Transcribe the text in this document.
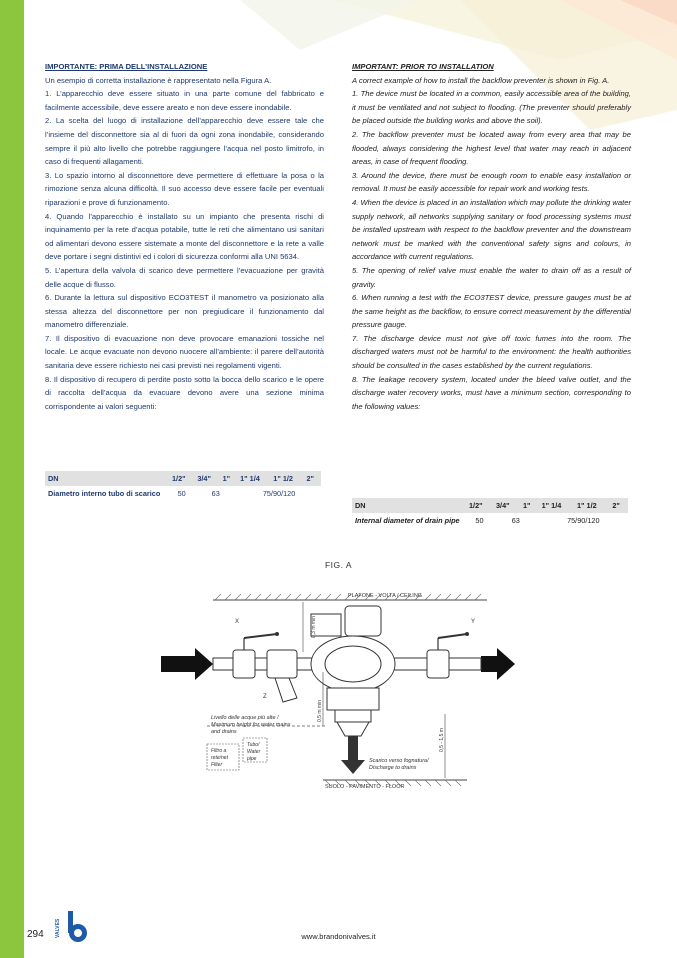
IMPORTANTE: PRIMA DELL’INSTALLAZIONE
Un esempio di corretta installazione è rappresentato nella Figura A.
1. L’apparecchio deve essere situato in una parte comune del fabbricato e facilmente accessibile, deve essere areato e non deve essere inondabile.
2. La scelta del luogo di installazione dell’apparecchio deve essere tale che l’insieme del disconnettore sia al di fuori da ogni zona inondabile, considerando sempre il più alto livello che potrebbe raggiungere l’acqua nel posto limitrofo, in caso di frequenti allagamenti.
3. Lo spazio intorno al disconnettore deve permettere di effettuare la posa o la rimozione senza alcuna difficoltà. Il suo accesso deve essere facile per eventuali riparazioni e prove di funzionamento.
4. Quando l’apparecchio è installato su un impianto che presenta rischi di inquinamento per la rete d’acqua potabile, tutte le reti che alimentano usi sanitari od alimentari devono essere sistemate a monte del disconnettore e la rete a valle deve portare i segni distintivi ed i colori di sicurezza conformi alla UNI 5634.
5. L’apertura della valvola di scarico deve permettere l’evacuazione per gravità delle acque di flusso.
6. Durante la lettura sul dispositivo ECO3TEST il manometro va posizionato alla stessa altezza del disconnettore per non pregiudicare il funzionamento dal manometro differenziale.
7. Il dispositivo di evacuazione non deve provocare emanazioni tossiche nel locale. Le acque evacuate non devono nuocere all’ambiente: il parere dell’autorità sanitaria deve essere richiesto nei casi previsti nei regolamenti vigenti.
8. Il dispositivo di recupero di perdite posto sotto la bocca dello scarico e le opere di raccolta dell’acqua da evacuare devono avere una sezione minima corrispondente ai valori seguenti:
DN	1/2"	3/4"	1"	1" 1/4	1" 1/2	2"
Diametro interno tubo di scarico	50	63		75/90/120		
IMPORTANT: PRIOR TO INSTALLATION
A correct example of how to install the backflow preventer is shown in Fig. A.
1. The device must be located in a common, easily accessible area of the building, it must be ventilated and not subject to flooding. (The preventer should preferably be placed outside the building works and above the soil).
2. The backflow preventer must be located away from every area that may be flooded, always considering the highest level that water may reach in adjacent areas, in case of frequent flooding.
3. Around the device, there must be enough room to enable easy installation or removal. It must be easily accessible for repair work and working tests.
4. When the device is placed in an installation which may pollute the drinking water supply network, all networks supplying sanitary or food processing systems must be installed upstream with respect to the backflow preventer and the downstream network must be marked with the conventional safety signs and colours, in accordance with current regulations.
5. The opening of relief valve must enable the water to drain off as a result of gravity.
6. When running a test with the ECO3TEST device, pressure gauges must be at the same height as the backflow, to ensure correct measurement by the differential pressure gauge.
7. The discharge device must not give off toxic fumes into the room. The discharged waters must not be harmful to the environment: the health authorities should be consulted in the cases established by the current regulations.
8. The leakage recovery system, located under the bleed valve outlet, and the discharge water recovery works, must have a minimum section, corresponding to the following values:
DN	1/2"	3/4"	1"	1" 1/4	1" 1/2	2"
Internal diameter of drain pipe	50	63		75/90/120		
FIG. A
PLAFONE - VOLTA / CEILING
SUOLO - PAVIMENTO - FLOOR
X
Z
Y
0,3 m min
0,5 m min
0,5 - 1,5 m
Livello delle acque più alte / Maximum height for water mains and drains
Filtro a rete/net Filter
Tubo/ Water pipe	Scarico verso fognatura/ Discharge to drains
294	www.brandonivalves.it
b
VALVES
